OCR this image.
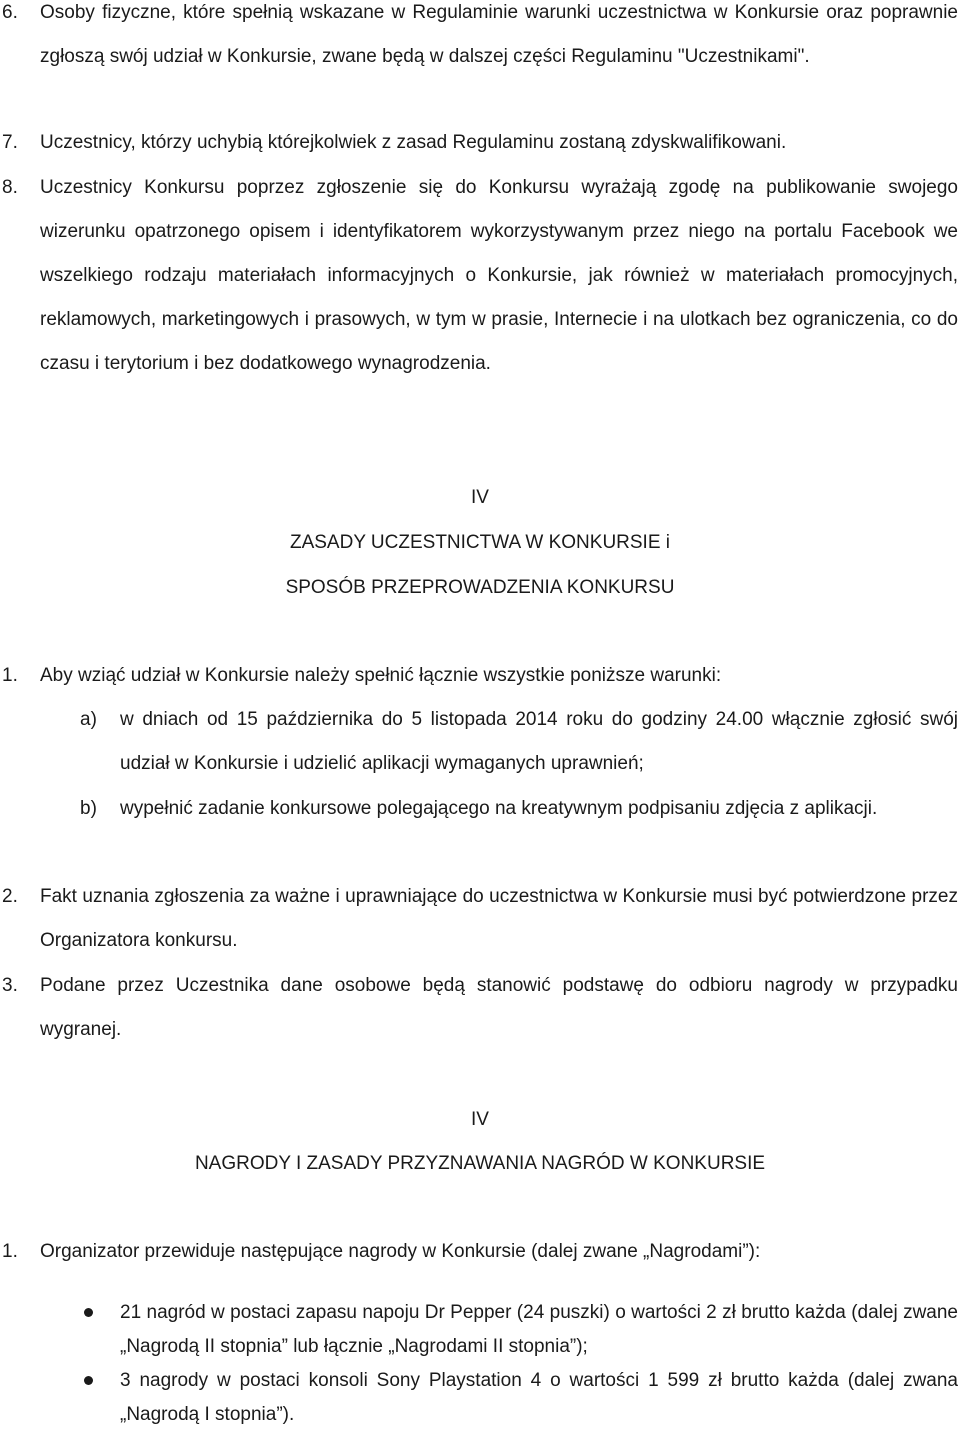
6. Osoby fizyczne, które spełnią wskazane w Regulaminie warunki uczestnictwa w Konkursie oraz poprawnie zgłoszą swój udział w Konkursie, zwane będą w dalszej części Regulaminu "Uczestnikami".
7. Uczestnicy, którzy uchybią którejkolwiek z zasad Regulaminu zostaną zdyskwalifikowani.
8. Uczestnicy Konkursu poprzez zgłoszenie się do Konkursu wyrażają zgodę na publikowanie swojego wizerunku opatrzonego opisem i identyfikatorem wykorzystywanym przez niego na portalu Facebook we wszelkiego rodzaju materiałach informacyjnych o Konkursie, jak również w materiałach promocyjnych, reklamowych, marketingowych i prasowych, w tym w prasie, Internecie i na ulotkach bez ograniczenia, co do czasu i terytorium i bez dodatkowego wynagrodzenia.
IV
ZASADY UCZESTNICTWA W KONKURSIE i
SPOSÓB PRZEPROWADZENIA KONKURSU
1. Aby wziąć udział w Konkursie należy spełnić łącznie wszystkie poniższe warunki:
a) w dniach od 15 października do 5 listopada 2014 roku do godziny 24.00 włącznie zgłosić swój udział w Konkursie i udzielić aplikacji wymaganych uprawnień;
b) wypełnić zadanie konkursowe polegającego na kreatywnym podpisaniu zdjęcia z aplikacji.
2. Fakt uznania zgłoszenia za ważne i uprawniające do uczestnictwa w Konkursie musi być potwierdzone przez Organizatora konkursu.
3. Podane przez Uczestnika dane osobowe będą stanowić podstawę do odbioru nagrody w przypadku wygranej.
IV
NAGRODY I ZASADY PRZYZNAWANIA NAGRÓD W KONKURSIE
1. Organizator przewiduje następujące nagrody w Konkursie (dalej zwane „Nagrodami”):
21 nagród w postaci zapasu napoju Dr Pepper (24 puszki) o wartości 2 zł brutto każda (dalej zwane „Nagrodą II stopnia” lub łącznie „Nagrodami II stopnia”);
3 nagrody w postaci konsoli Sony Playstation 4 o wartości 1 599 zł brutto każda (dalej zwana „Nagrodą I stopnia”).
